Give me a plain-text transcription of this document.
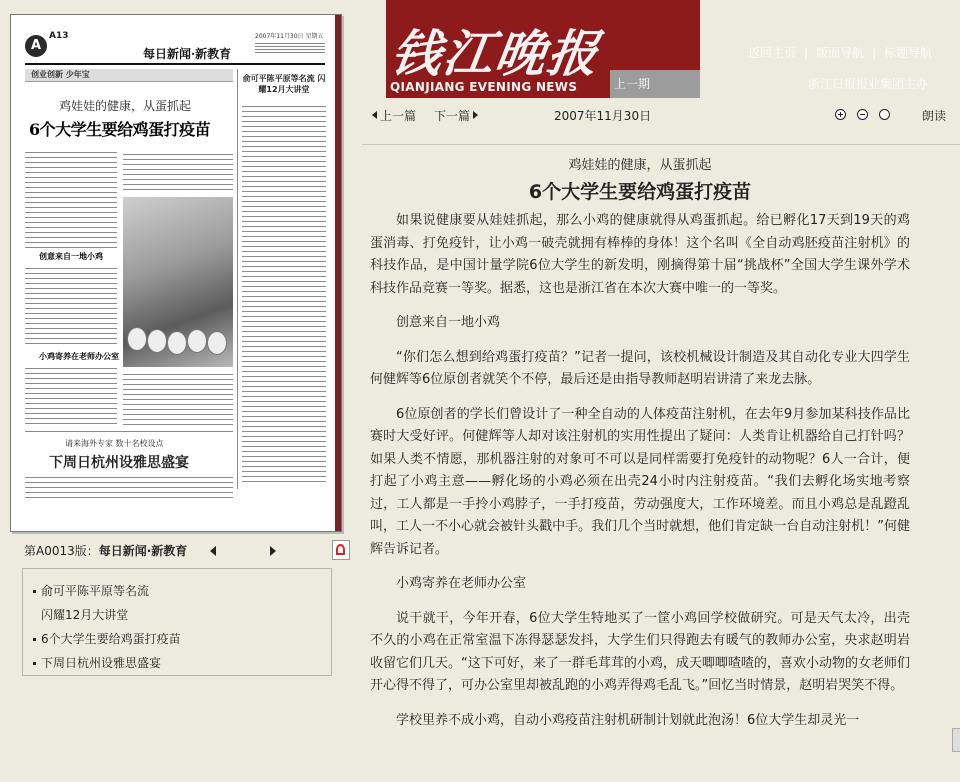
A
A13
每日新闻·新教育
2007年11月30日 星期五
创业创新 少年宝
鸡娃娃的健康，从蛋抓起
6个大学生要给鸡蛋打疫苗
创意来自一地小鸡
小鸡寄养在老师办公室
俞可平陈平原等名流 闪耀12月大讲堂
请来海外专家 数十名校设点
下周日杭州设雅思盛宴
第A0013版：每日新闻·新教育
俞可平陈平原等名流
闪耀12月大讲堂
6个大学生要给鸡蛋打疫苗
下周日杭州设雅思盛宴
钱江晚报
QIANJIANG EVENING NEWS	上一期
返回主页 | 版面导航 | 标题导航
浙江日报报业集团主办
上一篇 下一篇	2007年11月30日	朗读
鸡娃娃的健康，从蛋抓起
6个大学生要给鸡蛋打疫苗

如果说健康要从娃娃抓起，那么小鸡的健康就得从鸡蛋抓起。给已孵化17天到19天的鸡蛋消毒、打免疫针，让小鸡一破壳就拥有棒棒的身体！这个名叫《全自动鸡胚疫苗注射机》的科技作品，是中国计量学院6位大学生的新发明，刚摘得第十届“挑战杯”全国大学生课外学术科技作品竞赛一等奖。据悉，这也是浙江省在本次大赛中唯一的一等奖。

创意来自一地小鸡

“你们怎么想到给鸡蛋打疫苗？”记者一提问，该校机械设计制造及其自动化专业大四学生何健辉等6位原创者就笑个不停，最后还是由指导教师赵明岩讲清了来龙去脉。

6位原创者的学长们曾设计了一种全自动的人体疫苗注射机，在去年9月参加某科技作品比赛时大受好评。何健辉等人却对该注射机的实用性提出了疑问：人类肯让机器给自己打针吗？如果人类不情愿，那机器注射的对象可不可以是同样需要打免疫针的动物呢？6人一合计，便打起了小鸡主意——孵化场的小鸡必须在出壳24小时内注射疫苗。“我们去孵化场实地考察过，工人都是一手拎小鸡脖子，一手打疫苗，劳动强度大，工作环境差。而且小鸡总是乱蹬乱叫，工人一不小心就会被针头戳中手。我们几个当时就想，他们肯定缺一台自动注射机！”何健辉告诉记者。

小鸡寄养在老师办公室

说干就干，今年开春，6位大学生特地买了一筐小鸡回学校做研究。可是天气太冷，出壳不久的小鸡在正常室温下冻得瑟瑟发抖，大学生们只得跑去有暖气的教师办公室，央求赵明岩收留它们几天。“这下可好，来了一群毛茸茸的小鸡，成天唧唧喳喳的，喜欢小动物的女老师们开心得不得了，可办公室里却被乱跑的小鸡弄得鸡毛乱飞。”回忆当时情景，赵明岩哭笑不得。

学校里养不成小鸡，自动小鸡疫苗注射机研制计划就此泡汤！6位大学生却灵光一
